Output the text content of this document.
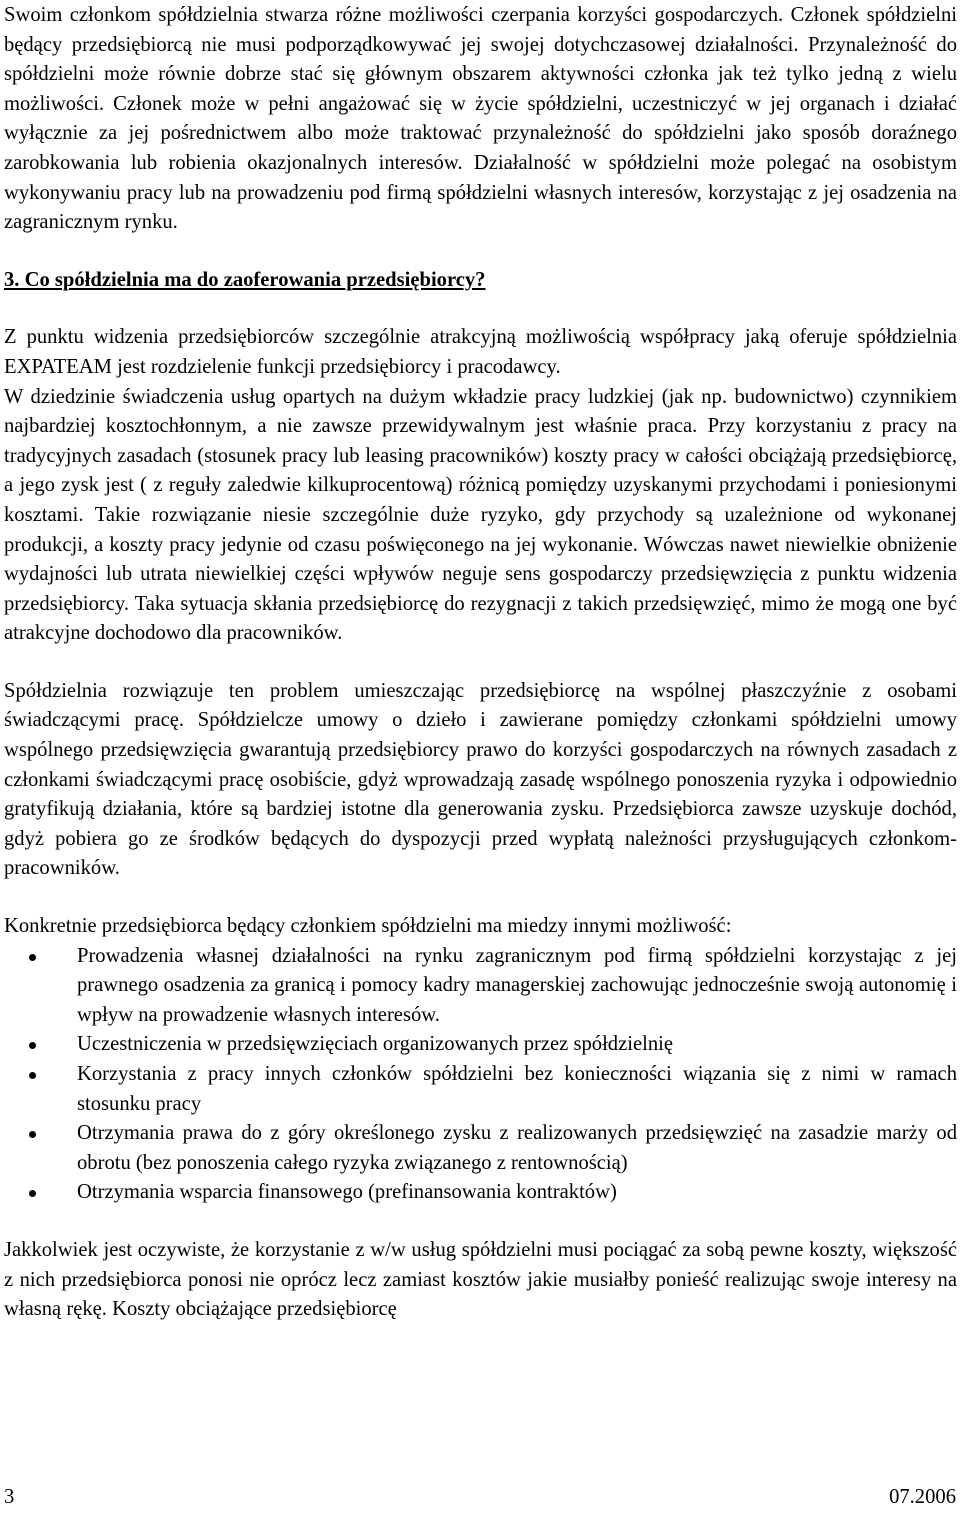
Swoim członkom spółdzielnia stwarza różne możliwości czerpania korzyści gospodarczych. Członek spółdzielni będący przedsiębiorcą nie musi podporządkowywać jej swojej dotychczasowej działalności. Przynależność do spółdzielni może równie dobrze stać się głównym obszarem aktywności członka jak też tylko jedną z wielu możliwości. Członek może w pełni angażować się w życie spółdzielni, uczestniczyć w jej organach i działać wyłącznie za jej pośrednictwem albo może traktować przynależność do spółdzielni jako sposób doraźnego zarobkowania lub robienia okazjonalnych interesów. Działalność w spółdzielni może polegać na osobistym wykonywaniu pracy lub na prowadzeniu pod firmą spółdzielni własnych interesów, korzystając z jej osadzenia na zagranicznym rynku.

3. Co spółdzielnia ma do zaoferowania przedsiębiorcy?

Z punktu widzenia przedsiębiorców szczególnie atrakcyjną możliwością współpracy jaką oferuje spółdzielnia EXPATEAM jest rozdzielenie funkcji przedsiębiorcy i pracodawcy.

W dziedzinie świadczenia usług opartych na dużym wkładzie pracy ludzkiej (jak np. budownictwo) czynnikiem najbardziej kosztochłonnym, a nie zawsze przewidywalnym jest właśnie praca. Przy korzystaniu z pracy na tradycyjnych zasadach (stosunek pracy lub leasing pracowników) koszty pracy w całości obciążają przedsiębiorcę, a jego zysk jest ( z reguły zaledwie kilkuprocentową) różnicą pomiędzy uzyskanymi przychodami i poniesionymi kosztami. Takie rozwiązanie niesie szczególnie duże ryzyko, gdy przychody są uzależnione od wykonanej produkcji, a koszty pracy jedynie od czasu poświęconego na jej wykonanie. Wówczas nawet niewielkie obniżenie wydajności lub utrata niewielkiej części wpływów neguje sens gospodarczy przedsięwzięcia z punktu widzenia przedsiębiorcy. Taka sytuacja skłania przedsiębiorcę do rezygnacji z takich przedsięwzięć, mimo że mogą one być atrakcyjne dochodowo dla pracowników.

Spółdzielnia rozwiązuje ten problem umieszczając przedsiębiorcę na wspólnej płaszczyźnie z osobami świadczącymi pracę. Spółdzielcze umowy o dzieło i zawierane pomiędzy członkami spółdzielni umowy wspólnego przedsięwzięcia gwarantują przedsiębiorcy prawo do korzyści gospodarczych na równych zasadach z członkami świadczącymi pracę osobiście, gdyż wprowadzają zasadę wspólnego ponoszenia ryzyka i odpowiednio gratyfikują działania, które są bardziej istotne dla generowania zysku. Przedsiębiorca zawsze uzyskuje dochód, gdyż pobiera go ze środków będących do dyspozycji przed wypłatą należności przysługujących członkom-pracowników.

Konkretnie przedsiębiorca będący członkiem spółdzielni ma miedzy innymi możliwość:

Prowadzenia własnej działalności na rynku zagranicznym pod firmą spółdzielni korzystając z jej prawnego osadzenia za granicą i pomocy kadry managerskiej zachowując jednocześnie swoją autonomię i wpływ na prowadzenie własnych interesów.
Uczestniczenia w przedsięwzięciach organizowanych przez spółdzielnię
Korzystania z pracy innych członków spółdzielni bez konieczności wiązania się z nimi w ramach stosunku pracy
Otrzymania prawa do z góry określonego zysku z realizowanych przedsięwzięć na zasadzie marży od obrotu (bez ponoszenia całego ryzyka związanego z rentownością)
Otrzymania wsparcia finansowego (prefinansowania kontraktów)

Jakkolwiek jest oczywiste, że korzystanie z w/w usług spółdzielni musi pociągać za sobą pewne koszty, większość z nich przedsiębiorca ponosi nie oprócz lecz zamiast kosztów jakie musiałby ponieść realizując swoje interesy na własną rękę. Koszty obciążające przedsiębiorcę

3	07.2006
